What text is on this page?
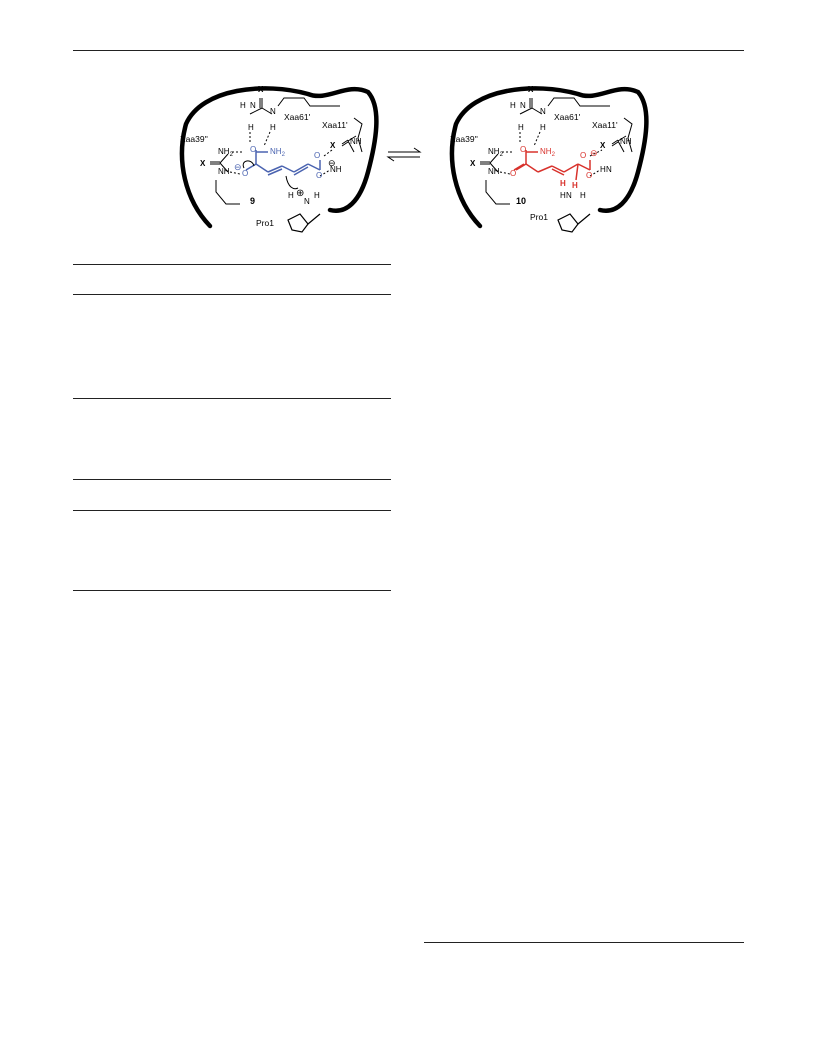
X
H N
N
H H
$NH_2$
X
NH
O $NH_2$
⊖
O
O
O
⊖
X NH
NH
H ⊕
N
H
Xaa61'
Xaa39''
Xaa11'
Pro1
9
⇌
X
H N
N
H H
$NH_2$
X
NH
O $NH_2$
O
O
O
⊖
H H
X NH
H N
N
H H
Xaa61'
Xaa39''
Xaa11'
Pro1
10
